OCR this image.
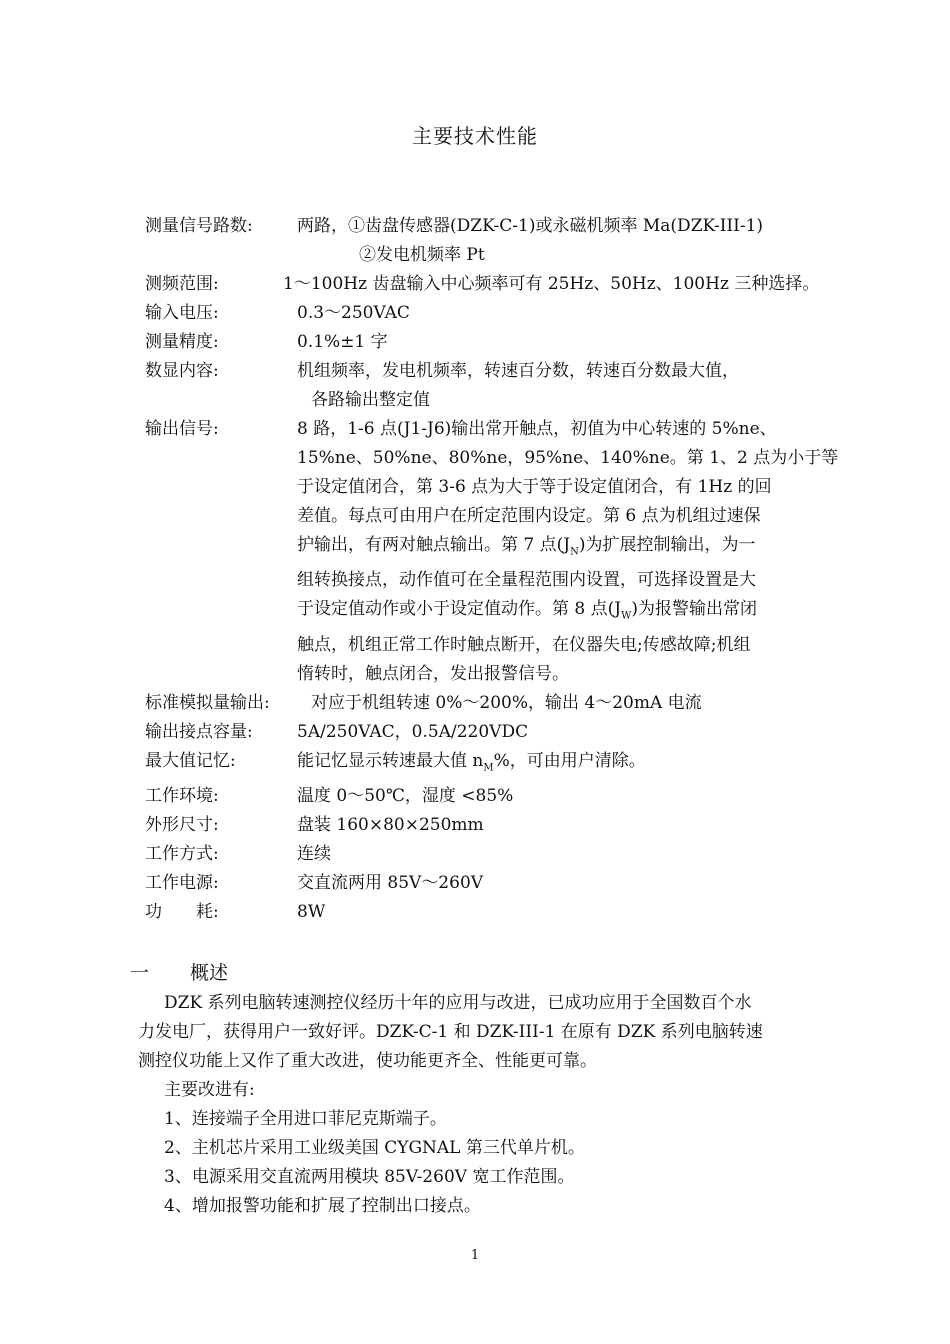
主要技术性能
测量信号路数:	两路，①齿盘传感器(DZK-C-1)或永磁机频率 Ma(DZK-III-1)
②发电机频率 Pt
测频范围:	1～100Hz 齿盘输入中心频率可有 25Hz、50Hz、100Hz 三种选择。
输入电压:	0.3～250VAC
测量精度:	0.1%±1 字
数显内容:	机组频率，发电机频率，转速百分数，转速百分数最大值，
各路输出整定值
输出信号:	8 路，1-6 点(J1-J6)输出常开触点，初值为中心转速的 5%ne、
15%ne、50%ne、80%ne，95%ne、140%ne。第 1、2 点为小于等
于设定值闭合，第 3-6 点为大于等于设定值闭合，有 1Hz 的回
差值。每点可由用户在所定范围内设定。第 6 点为机组过速保
护输出，有两对触点输出。第 7 点$(J_N)$为扩展控制输出，为一
组转换接点，动作值可在全量程范围内设置，可选择设置是大
于设定值动作或小于设定值动作。第 8 点$(J_W)$为报警输出常闭
触点，机组正常工作时触点断开，在仪器失电;传感故障;机组
惰转时，触点闭合，发出报警信号。
标准模拟量输出: 对应于机组转速 0%～200%，输出 4～20mA 电流
输出接点容量:	5A/250VAC，0.5A/220VDC
最大值记忆:	能记忆显示转速最大值 $n_M\%$，可由用户清除。
工作环境:	温度 0～50℃，湿度 <85%
外形尺寸:	盘装 160×80×250mm
工作方式:	连续
工作电源:	交直流两用 85V～260V
功　　耗:	8W
一 概述
DZK 系列电脑转速测控仪经历十年的应用与改进，已成功应用于全国数百个水
力发电厂，获得用户一致好评。DZK-C-1 和 DZK-III-1 在原有 DZK 系列电脑转速
测控仪功能上又作了重大改进，使功能更齐全、性能更可靠。
主要改进有:
1、连接端子全用进口菲尼克斯端子。
2、主机芯片采用工业级美国 CYGNAL 第三代单片机。
3、电源采用交直流两用模块 85V-260V 宽工作范围。
4、增加报警功能和扩展了控制出口接点。
1
